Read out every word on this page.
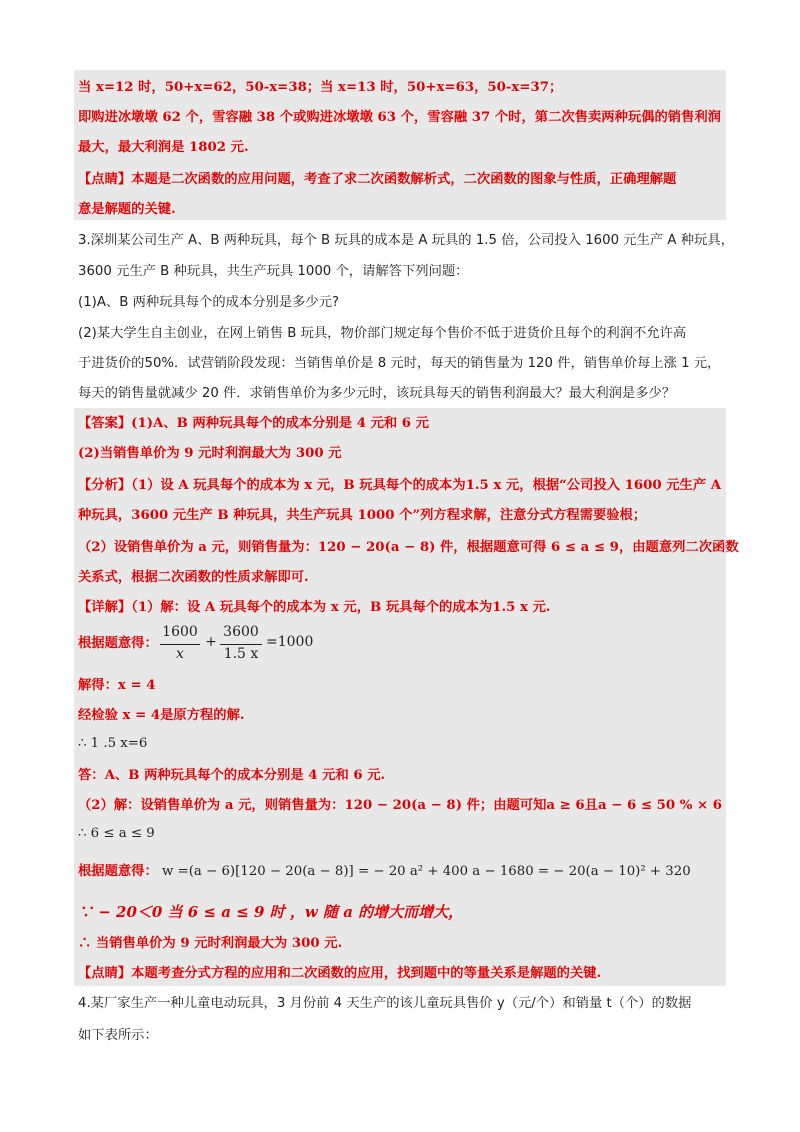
当 x=12 时，50+x=62，50-x=38；当 x=13 时，50+x=63，50-x=37；
即购进冰墩墩 62 个，雪容融 38 个或购进冰墩墩 63 个，雪容融 37 个时，第二次售卖两种玩偶的销售利润
最大，最大利润是 1802 元.
【点睛】本题是二次函数的应用问题，考查了求二次函数解析式，二次函数的图象与性质，正确理解题
意是解题的关键.
3.深圳某公司生产 A、B 两种玩具，每个 B 玩具的成本是 A 玩具的 1.5 倍，公司投入 1600 元生产 A 种玩具，
3600 元生产 B 种玩具，共生产玩具 1000 个，请解答下列问题：
(1)A、B 两种玩具每个的成本分别是多少元?
(2)某大学生自主创业，在网上销售 B 玩具，物价部门规定每个售价不低于进货价且每个的利润不允许高
于进货价的50%．试营销阶段发现：当销售单价是 8 元时，每天的销售量为 120 件，销售单价每上涨 1 元，
每天的销售量就减少 20 件．求销售单价为多少元时，该玩具每天的销售利润最大？最大利润是多少？
【答案】(1)A、B 两种玩具每个的成本分别是 4 元和 6 元
(2)当销售单价为 9 元时利润最大为 300 元
【分析】（1）设 A 玩具每个的成本为 x 元，B 玩具每个的成本为1.5 x 元，根据“公司投入 1600 元生产 A
种玩具，3600 元生产 B 种玩具，共生产玩具 1000 个”列方程求解，注意分式方程需要验根；
（2）设销售单价为 a 元，则销售量为：120 − 20(a − 8) 件，根据题意可得 6 ≤ a ≤ 9，由题意列二次函数
关系式，根据二次函数的性质求解即可.
【详解】（1）解：设 A 玩具每个的成本为 x 元，B 玩具每个的成本为1.5 x 元.
根据题意得：
1600
x
+
3600
1.5 x
=1000
解得：x = 4
经检验 x = 4是原方程的解.
∴ 1 .5 x=6
答：A、B 两种玩具每个的成本分别是 4 元和 6 元.
（2）解：设销售单价为 a 元，则销售量为：120 − 20(a − 8) 件；由题可知a ≥ 6且a − 6 ≤ 50 % × 6
∴ 6 ≤ a ≤ 9
根据题意得： w =(a − 6)[120 − 20(a − 8)] = − 20 a² + 400 a − 1680 = − 20(a − 10)² + 320
∵ − 20＜0 当 6 ≤ a ≤ 9 时 ，w 随 a 的增大而增大，
∴ 当销售单价为 9 元时利润最大为 300 元.
【点睛】本题考查分式方程的应用和二次函数的应用，找到题中的等量关系是解题的关键.
4.某厂家生产一种儿童电动玩具，3 月份前 4 天生产的该儿童玩具售价 y（元/个）和销量 t（个）的数据
如下表所示：
